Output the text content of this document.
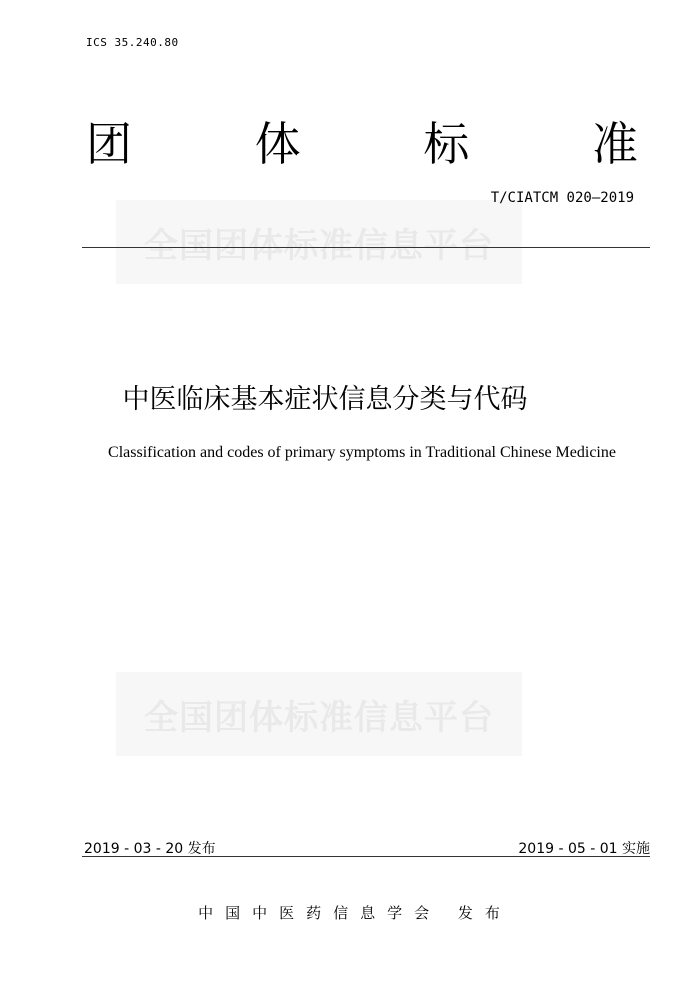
ICS 35.240.80
团	体	标	准
全国团体标准信息平台
T/CIATCM 020—2019
中医临床基本症状信息分类与代码
Classification and codes of primary symptoms in Traditional Chinese Medicine
全国团体标准信息平台
2019 - 03 - 20 发布	2019 - 05 - 01 实施
中国中医药信息学会 发布
